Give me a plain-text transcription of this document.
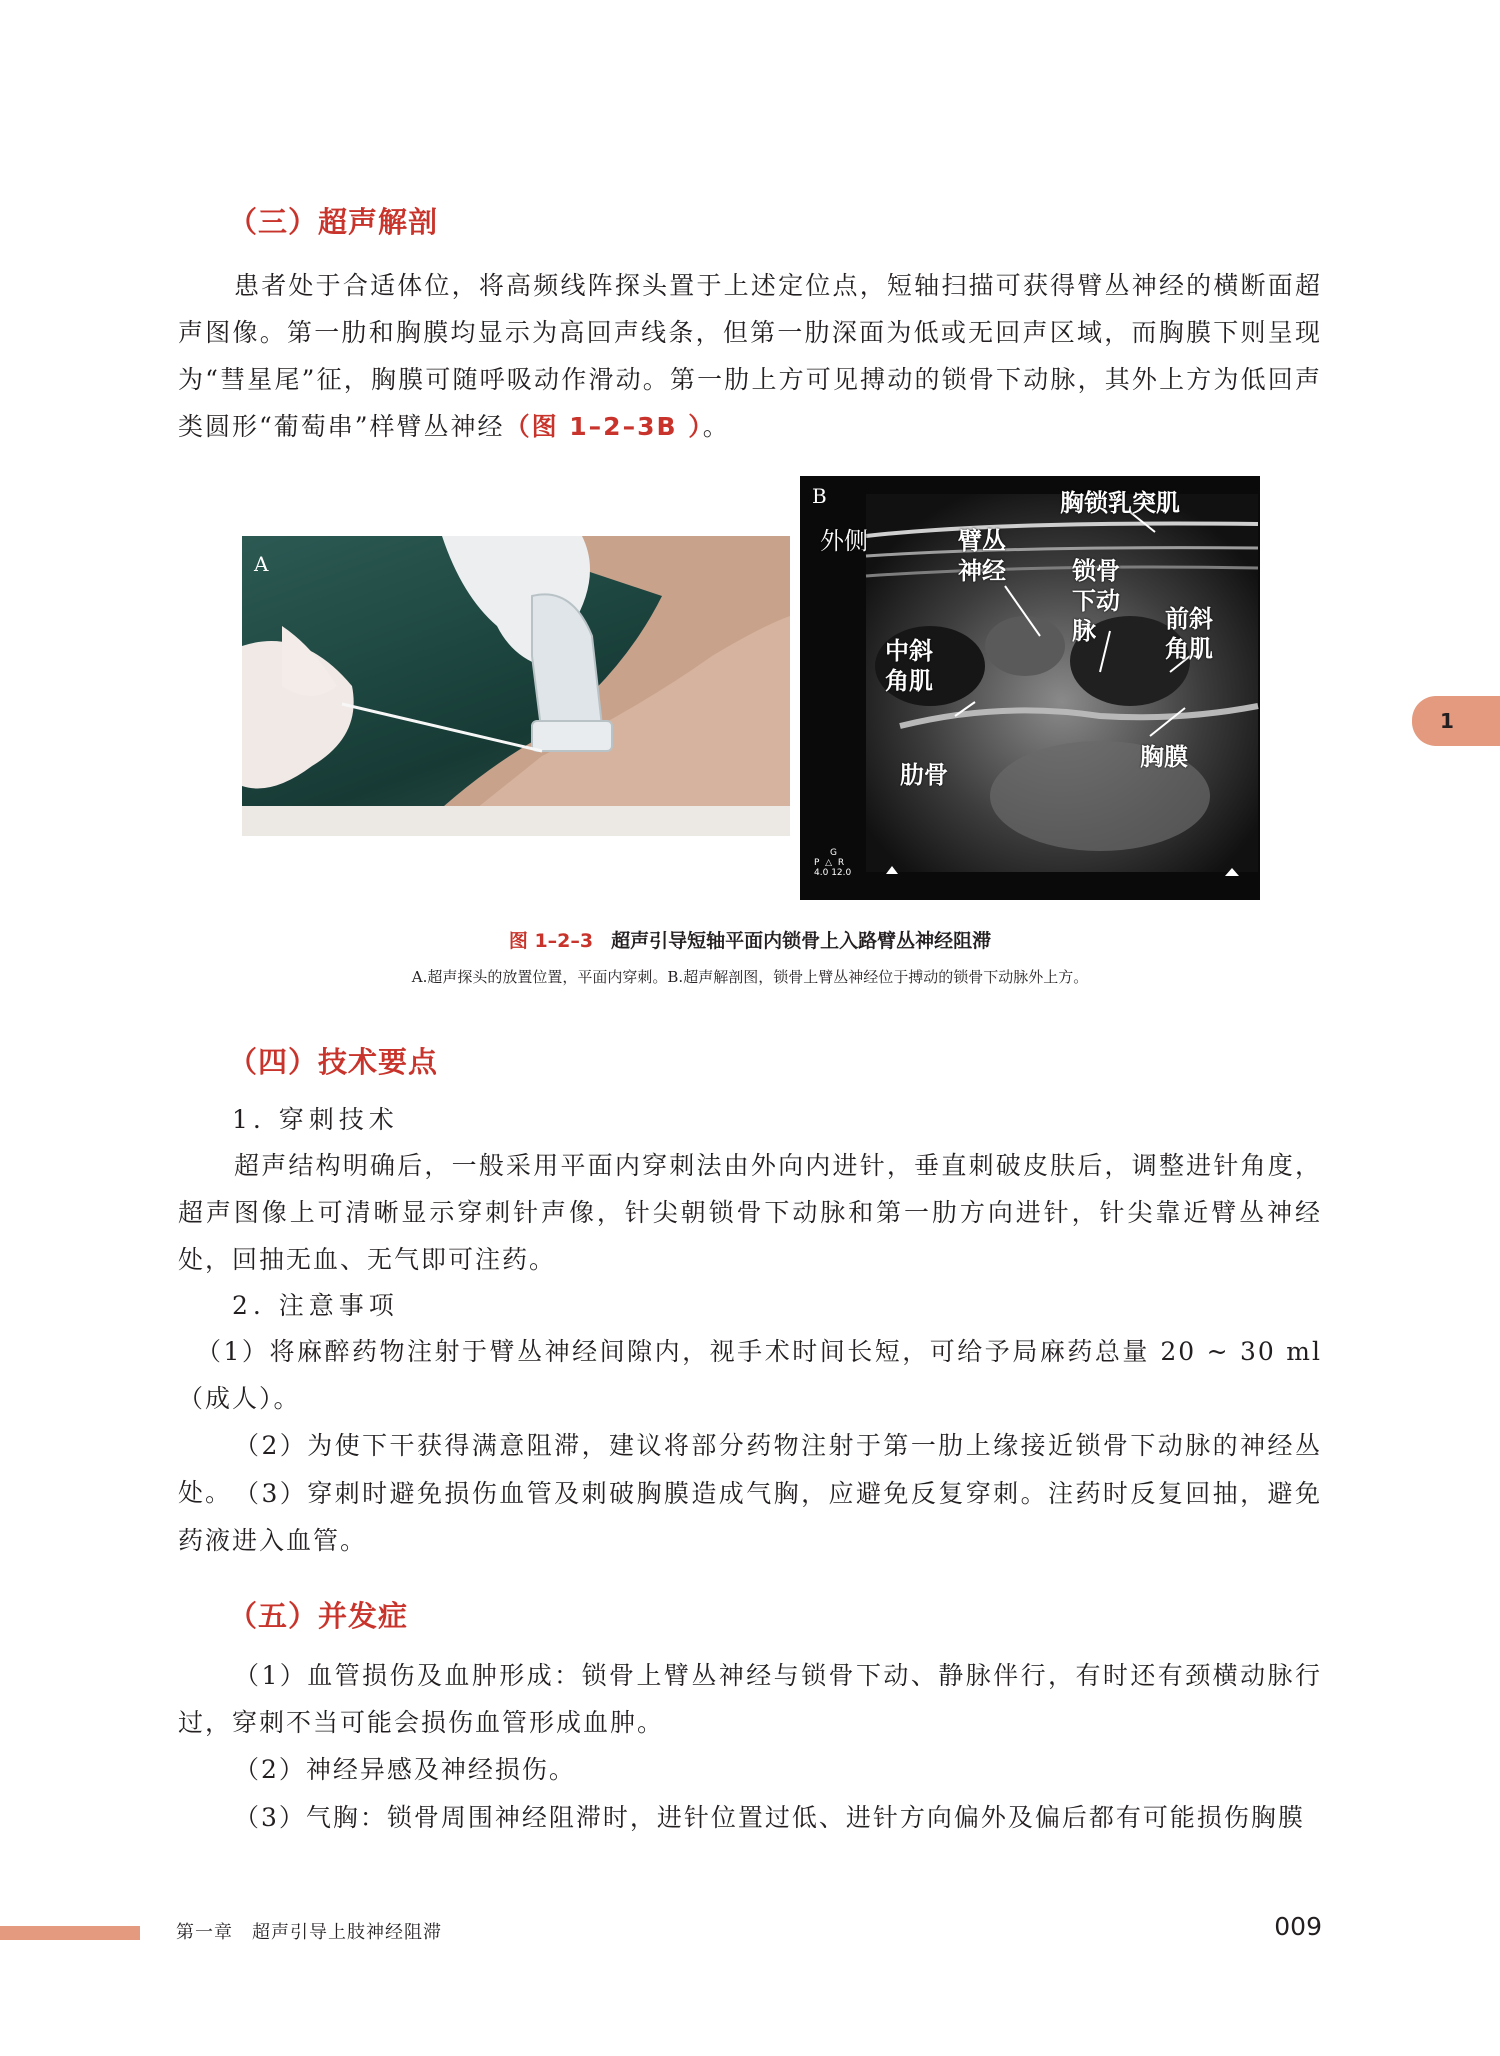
（三）超声解剖

患者处于合适体位，将高频线阵探头置于上述定位点，短轴扫描可获得臂丛神经的横断面超声图像。第一肋和胸膜均显示为高回声线条，但第一肋深面为低或无回声区域，而胸膜下则呈现为“彗星尾”征，胸膜可随呼吸动作滑动。第一肋上方可见搏动的锁骨下动脉，其外上方为低回声类圆形“葡萄串”样臂丛神经（图 1–2–3B ）。

A
B	胸锁乳突肌
外侧	臂丛
神经	锁骨
下动
脉	前斜
角肌
中斜
角肌
肋骨
胸膜
G
P  △  R
4.0 12.0
图 1–2–3 超声引导短轴平面内锁骨上入路臂丛神经阻滞
A.超声探头的放置位置，平面内穿刺。B.超声解剖图，锁骨上臂丛神经位于搏动的锁骨下动脉外上方。
（四）技术要点
1. 穿刺技术

超声结构明确后，一般采用平面内穿刺法由外向内进针，垂直刺破皮肤后，调整进针角度，超声图像上可清晰显示穿刺针声像，针尖朝锁骨下动脉和第一肋方向进针，针尖靠近臂丛神经处，回抽无血、无气即可注药。

2. 注意事项

（1）将麻醉药物注射于臂丛神经间隙内，视手术时间长短，可给予局麻药总量 20 ~ 30 ml（成人）。

（2）为使下干获得满意阻滞，建议将部分药物注射于第一肋上缘接近锁骨下动脉的神经丛处。 （3）穿刺时避免损伤血管及刺破胸膜造成气胸，应避免反复穿刺。注药时反复回抽，避免药液进入血管。

（五）并发症

（1）血管损伤及血肿形成：锁骨上臂丛神经与锁骨下动、静脉伴行，有时还有颈横动脉行过，穿刺不当可能会损伤血管形成血肿。

（2）神经异感及神经损伤。

（3）气胸：锁骨周围神经阻滞时，进针位置过低、进针方向偏外及偏后都有可能损伤胸膜

1
第一章　超声引导上肢神经阻滞	009
